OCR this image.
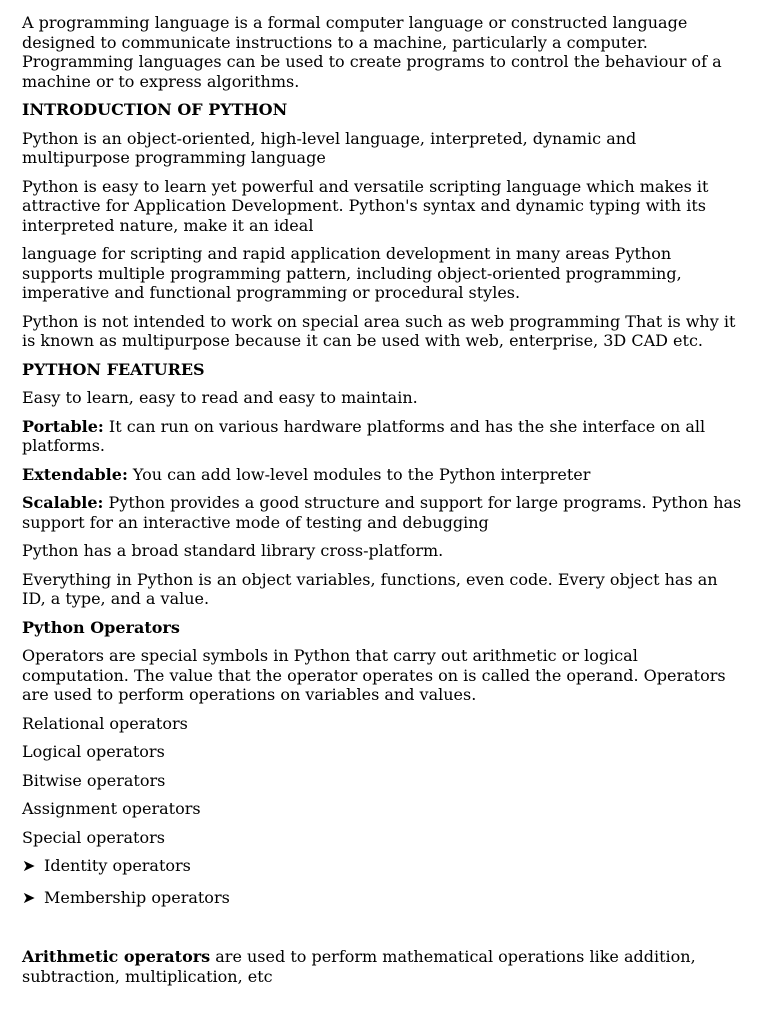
A programming language is a formal computer language or constructed language designed to communicate instructions to a machine, particularly a computer. Programming languages can be used to create programs to control the behaviour of a machine or to express algorithms.

INTRODUCTION OF PYTHON

Python is an object-oriented, high-level language, interpreted, dynamic and multipurpose programming language

Python is easy to learn yet powerful and versatile scripting language which makes it attractive for Application Development. Python's syntax and dynamic typing with its interpreted nature, make it an ideal

language for scripting and rapid application development in many areas Python supports multiple programming pattern, including object-oriented programming, imperative and functional programming or procedural styles.

Python is not intended to work on special area such as web programming That is why it is known as multipurpose because it can be used with web, enterprise, 3D CAD etc.

PYTHON FEATURES

Easy to learn, easy to read and easy to maintain.

Portable: It can run on various hardware platforms and has the she interface on all platforms.

Extendable: You can add low-level modules to the Python interpreter

Scalable: Python provides a good structure and support for large programs. Python has support for an interactive mode of testing and debugging

Python has a broad standard library cross-platform.

Everything in Python is an object variables, functions, even code. Every object has an ID, a type, and a value.

Python Operators

Operators are special symbols in Python that carry out arithmetic or logical computation. The value that the operator operates on is called the operand. Operators are used to perform operations on variables and values.

Relational operators

Logical operators

Bitwise operators

Assignment operators

Special operators

➤ Identity operators

➤ Membership operators

Arithmetic operators are used to perform mathematical operations like addition, subtraction, multiplication, etc
